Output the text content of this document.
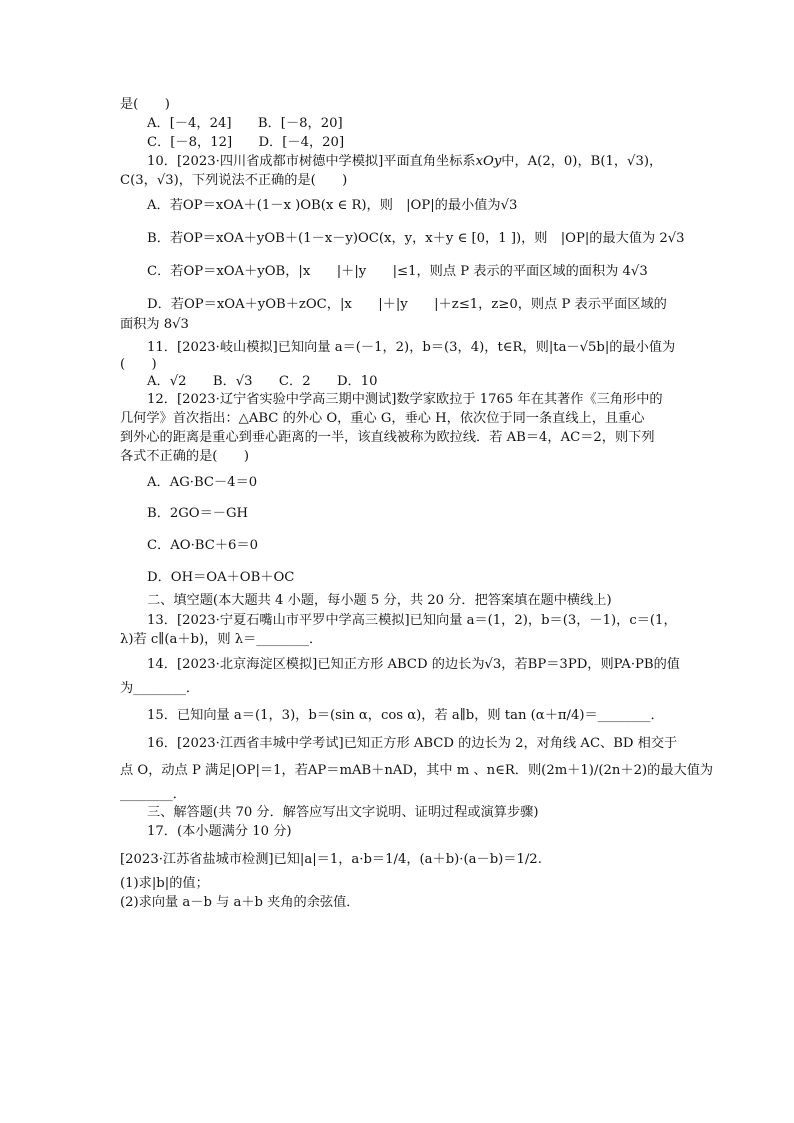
是(　　)
A．[－4，24]　　B．[－8，20]
C．[－8，12]　　D．[－4，20]
10．[2023·四川省成都市树德中学模拟]平面直角坐标系xOy中，A(2，0)，B(1，√3)，
C(3，√3)，下列说法不正确的是(　　)
A．若OP＝xOA＋(1－x )OB(x ∈ R)，则　 |OP|的最小值为√3
B．若OP＝xOA＋yOB＋(1－x－y)OC(x，y，x＋y ∈ [0，1 ])，则　 |OP|的最大值为 2√3
C．若OP＝xOA＋yOB，|x　　|＋|y　　|≤1，则点 P 表示的平面区域的面积为 4√3
D．若OP＝xOA＋yOB＋zOC，|x　　|＋|y　　|＋z≤1，z≥0，则点 P 表示平面区域的
面积为 8√3
11．[2023·岐山模拟]已知向量 a＝(－1，2)，b＝(3，4)，t∈R，则|ta－√5b|的最小值为
(　　)
A．√2　　B．√3　　C．2　　D．10
12．[2023·辽宁省实验中学高三期中测试]数学家欧拉于 1765 年在其著作《三角形中的
几何学》首次指出：△ABC 的外心 O，重心 G，垂心 H，依次位于同一条直线上，且重心
到外心的距离是重心到垂心距离的一半，该直线被称为欧拉线．若 AB＝4，AC＝2，则下列
各式不正确的是(　　)
A．AG·BC－4＝0
B．2GO＝－GH
C．AO·BC＋6＝0
D．OH＝OA＋OB＋OC
二、填空题(本大题共 4 小题，每小题 5 分，共 20 分．把答案填在题中横线上)
13．[2023·宁夏石嘴山市平罗中学高三模拟]已知向量 a＝(1，2)，b＝(3，－1)，c＝(1，
λ)若 c∥(a＋b)，则 λ＝________．
14．[2023·北京海淀区模拟]已知正方形 ABCD 的边长为√3，若BP＝3PD，则PA·PB的值
为________．
15．已知向量 a＝(1，3)，b＝(sin α，cos α)，若 a∥b，则 tan (α＋π/4)＝________．
16．[2023·江西省丰城中学考试]已知正方形 ABCD 的边长为 2，对角线 AC、BD 相交于
点 O，动点 P 满足|OP|＝1，若AP＝mAB＋nAD，其中 m 、n∈R．则(2m＋1)/(2n＋2)的最大值为
________．
三、解答题(共 70 分．解答应写出文字说明、证明过程或演算步骤)
17．(本小题满分 10 分)
[2023·江苏省盐城市检测]已知|a|＝1，a·b＝1/4，(a＋b)·(a－b)＝1/2.
(1)求|b|的值；
(2)求向量 a－b 与 a＋b 夹角的余弦值．
